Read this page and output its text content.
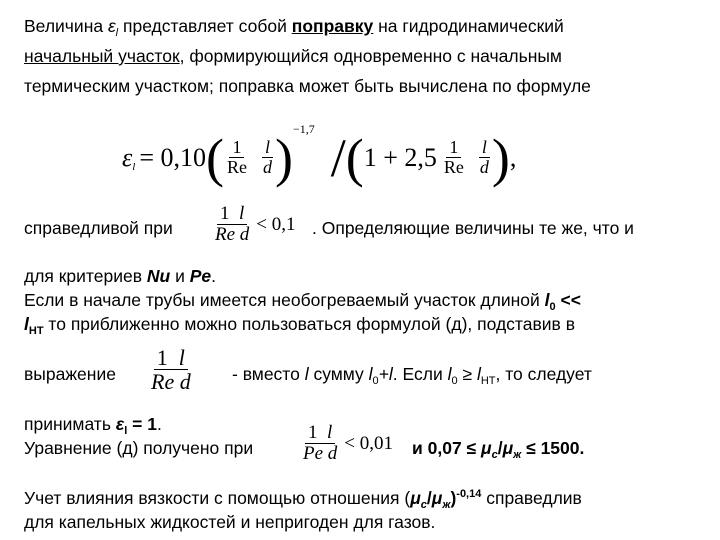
Величина $\varepsilon_l$ представляет собой поправку на гидродинамический
начальный участок, формирующийся одновременно с начальным
термическим участком; поправка может быть вычислена по формуле
εl = 0,10 ( $\frac{1}{Re} \frac{l}{d}$ ) −1,7 / ( $1 + 2,5 \frac{1}{Re} \frac{l}{d}$ ) ,
справедливой при $\frac{1 l}{\text{Re d}} < 0,1$ . Определяющие величины те же, что и
для критериев Nu и Pe.
Если в начале трубы имеется необогреваемый участок длиной $l_0$ <<
$l_{НТ}$ то приближенно можно пользоваться формулой (д), подставив в
выражение $\frac{1 l}{\text{Re d}}$ - вместо l сумму $l_0+l$. Если $l_0 \ge l_{НТ}$, то следует
принимать $\varepsilon_l = 1$.
Уравнение (д) получено при $\frac{1 l}{\text{Pe d}} < 0,01$ и $0,07 \le \mu_с/\mu_ж \le 1500$.
Учет влияния вязкости с помощью отношения $(\mu_с/\mu_ж)^{-0,14}$ справедлив
для капельных жидкостей и непригоден для газов.
